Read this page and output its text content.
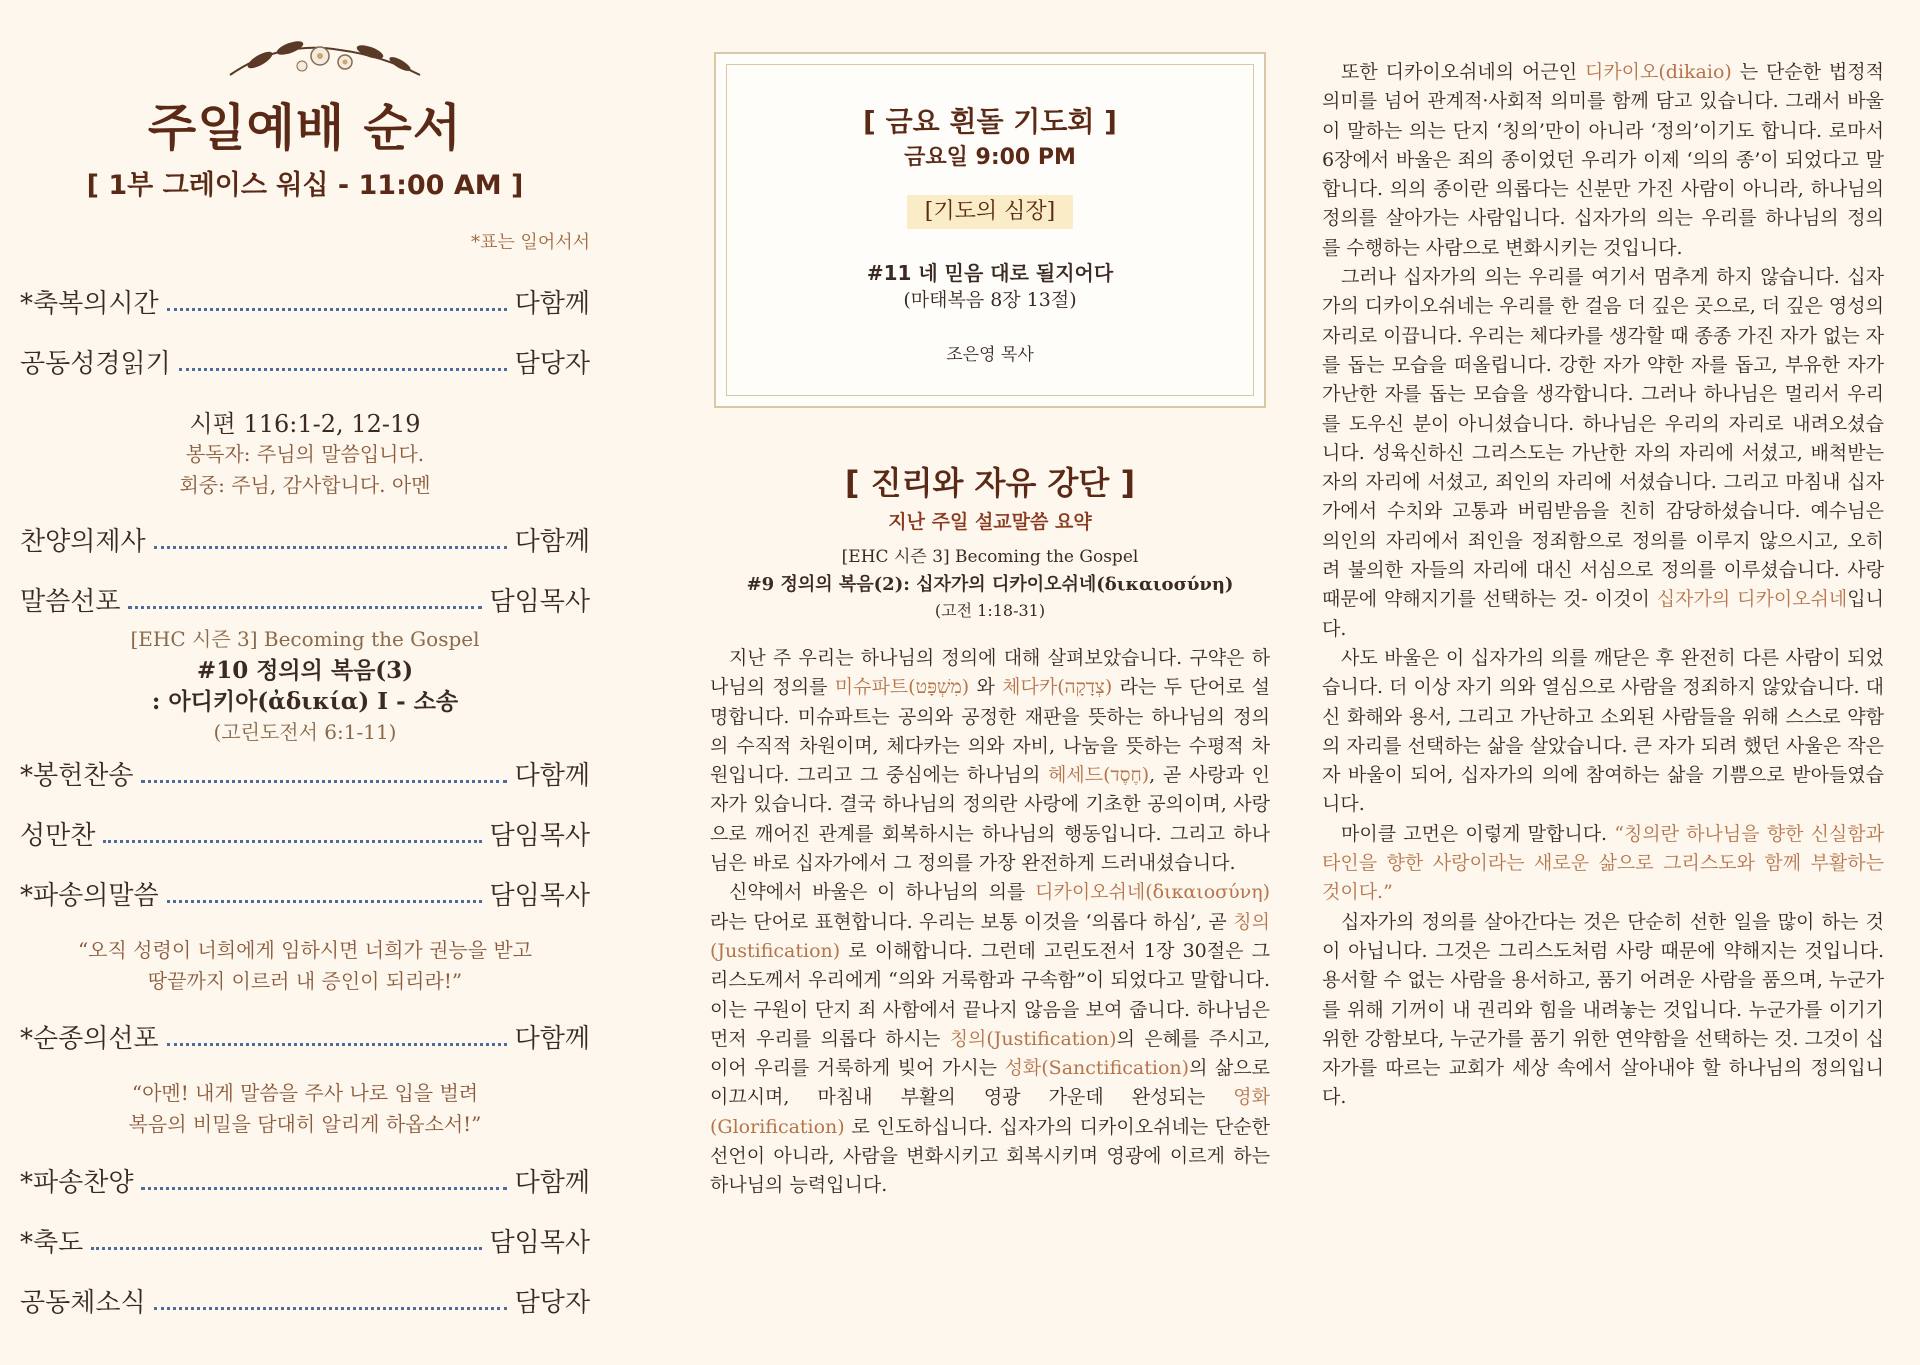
주일예배 순서
[ 1부 그레이스 워십 - 11:00 AM ]
*표는 일어서서
*축복의시간	다함께
공동성경읽기	담당자
시편 116:1-2, 12-19
봉독자: 주님의 말씀입니다.
회중: 주님, 감사합니다. 아멘
찬양의제사	다함께
말씀선포	담임목사
[EHC 시즌 3] Becoming the Gospel
#10 정의의 복음(3)
: 아디키아(ἀδικία) I - 소송
(고린도전서 6:1-11)
*봉헌찬송	다함께
성만찬	담임목사
*파송의말씀	담임목사
“오직 성령이 너희에게 임하시면 너희가 권능을 받고
땅끝까지 이르러 내 증인이 되리라!”
*순종의선포	다함께
“아멘! 내게 말씀을 주사 나로 입을 벌려
복음의 비밀을 담대히 알리게 하옵소서!”
*파송찬양	다함께
*축도	담임목사
공동체소식	담당자
[ 금요 흰돌 기도회 ]
금요일 9:00 PM
[기도의 심장]
#11 네 믿음 대로 될지어다
(마태복음 8장 13절)
조은영 목사
[ 진리와 자유 강단 ]
지난 주일 설교말씀 요약
[EHC 시즌 3] Becoming the Gospel
#9 정의의 복음(2): 십자가의 디카이오쉬네(δικαιοσύνη)
(고전 1:18-31)

지난 주 우리는 하나님의 정의에 대해 살펴보았습니다. 구약은 하나님의 정의를 미슈파트(מִשְׁפָּט) 와 체다카(צְדָקָה) 라는 두 단어로 설명합니다. 미슈파트는 공의와 공정한 재판을 뜻하는 하나님의 정의의 수직적 차원이며, 체다카는 의와 자비, 나눔을 뜻하는 수평적 차원입니다. 그리고 그 중심에는 하나님의 헤세드(חֶסֶד), 곧 사랑과 인자가 있습니다. 결국 하나님의 정의란 사랑에 기초한 공의이며, 사랑으로 깨어진 관계를 회복하시는 하나님의 행동입니다. 그리고 하나님은 바로 십자가에서 그 정의를 가장 완전하게 드러내셨습니다.

신약에서 바울은 이 하나님의 의를 디카이오쉬네(δικαιοσύνη) 라는 단어로 표현합니다. 우리는 보통 이것을 ‘의롭다 하심’, 곧 칭의(Justification) 로 이해합니다. 그런데 고린도전서 1장 30절은 그리스도께서 우리에게 “의와 거룩함과 구속함”이 되었다고 말합니다. 이는 구원이 단지 죄 사함에서 끝나지 않음을 보여 줍니다. 하나님은 먼저 우리를 의롭다 하시는 칭의(Justification)의 은혜를 주시고, 이어 우리를 거룩하게 빚어 가시는 성화(Sanctification)의 삶으로 이끄시며, 마침내 부활의 영광 가운데 완성되는 영화(Glorification) 로 인도하십니다. 십자가의 디카이오쉬네는 단순한 선언이 아니라, 사람을 변화시키고 회복시키며 영광에 이르게 하는 하나님의 능력입니다.

또한 디카이오쉬네의 어근인 디카이오(dikaio) 는 단순한 법정적 의미를 넘어 관계적·사회적 의미를 함께 담고 있습니다. 그래서 바울이 말하는 의는 단지 ‘칭의’만이 아니라 ‘정의’이기도 합니다. 로마서 6장에서 바울은 죄의 종이었던 우리가 이제 ‘의의 종’이 되었다고 말합니다. 의의 종이란 의롭다는 신분만 가진 사람이 아니라, 하나님의 정의를 살아가는 사람입니다. 십자가의 의는 우리를 하나님의 정의를 수행하는 사람으로 변화시키는 것입니다.

그러나 십자가의 의는 우리를 여기서 멈추게 하지 않습니다. 십자가의 디카이오쉬네는 우리를 한 걸음 더 깊은 곳으로, 더 깊은 영성의 자리로 이끕니다. 우리는 체다카를 생각할 때 종종 가진 자가 없는 자를 돕는 모습을 떠올립니다. 강한 자가 약한 자를 돕고, 부유한 자가 가난한 자를 돕는 모습을 생각합니다. 그러나 하나님은 멀리서 우리를 도우신 분이 아니셨습니다. 하나님은 우리의 자리로 내려오셨습니다. 성육신하신 그리스도는 가난한 자의 자리에 서셨고, 배척받는 자의 자리에 서셨고, 죄인의 자리에 서셨습니다. 그리고 마침내 십자가에서 수치와 고통과 버림받음을 친히 감당하셨습니다. 예수님은 의인의 자리에서 죄인을 정죄함으로 정의를 이루지 않으시고, 오히려 불의한 자들의 자리에 대신 서심으로 정의를 이루셨습니다. 사랑 때문에 약해지기를 선택하는 것- 이것이 십자가의 디카이오쉬네입니다.

사도 바울은 이 십자가의 의를 깨닫은 후 완전히 다른 사람이 되었습니다. 더 이상 자기 의와 열심으로 사람을 정죄하지 않았습니다. 대신 화해와 용서, 그리고 가난하고 소외된 사람들을 위해 스스로 약함의 자리를 선택하는 삶을 살았습니다. 큰 자가 되려 했던 사울은 작은 자 바울이 되어, 십자가의 의에 참여하는 삶을 기쁨으로 받아들였습니다.

마이클 고먼은 이렇게 말합니다. “칭의란 하나님을 향한 신실함과 타인을 향한 사랑이라는 새로운 삶으로 그리스도와 함께 부활하는 것이다.”

십자가의 정의를 살아간다는 것은 단순히 선한 일을 많이 하는 것이 아닙니다. 그것은 그리스도처럼 사랑 때문에 약해지는 것입니다. 용서할 수 없는 사람을 용서하고, 품기 어려운 사람을 품으며, 누군가를 위해 기꺼이 내 권리와 힘을 내려놓는 것입니다. 누군가를 이기기 위한 강함보다, 누군가를 품기 위한 연약함을 선택하는 것. 그것이 십자가를 따르는 교회가 세상 속에서 살아내야 할 하나님의 정의입니다.
